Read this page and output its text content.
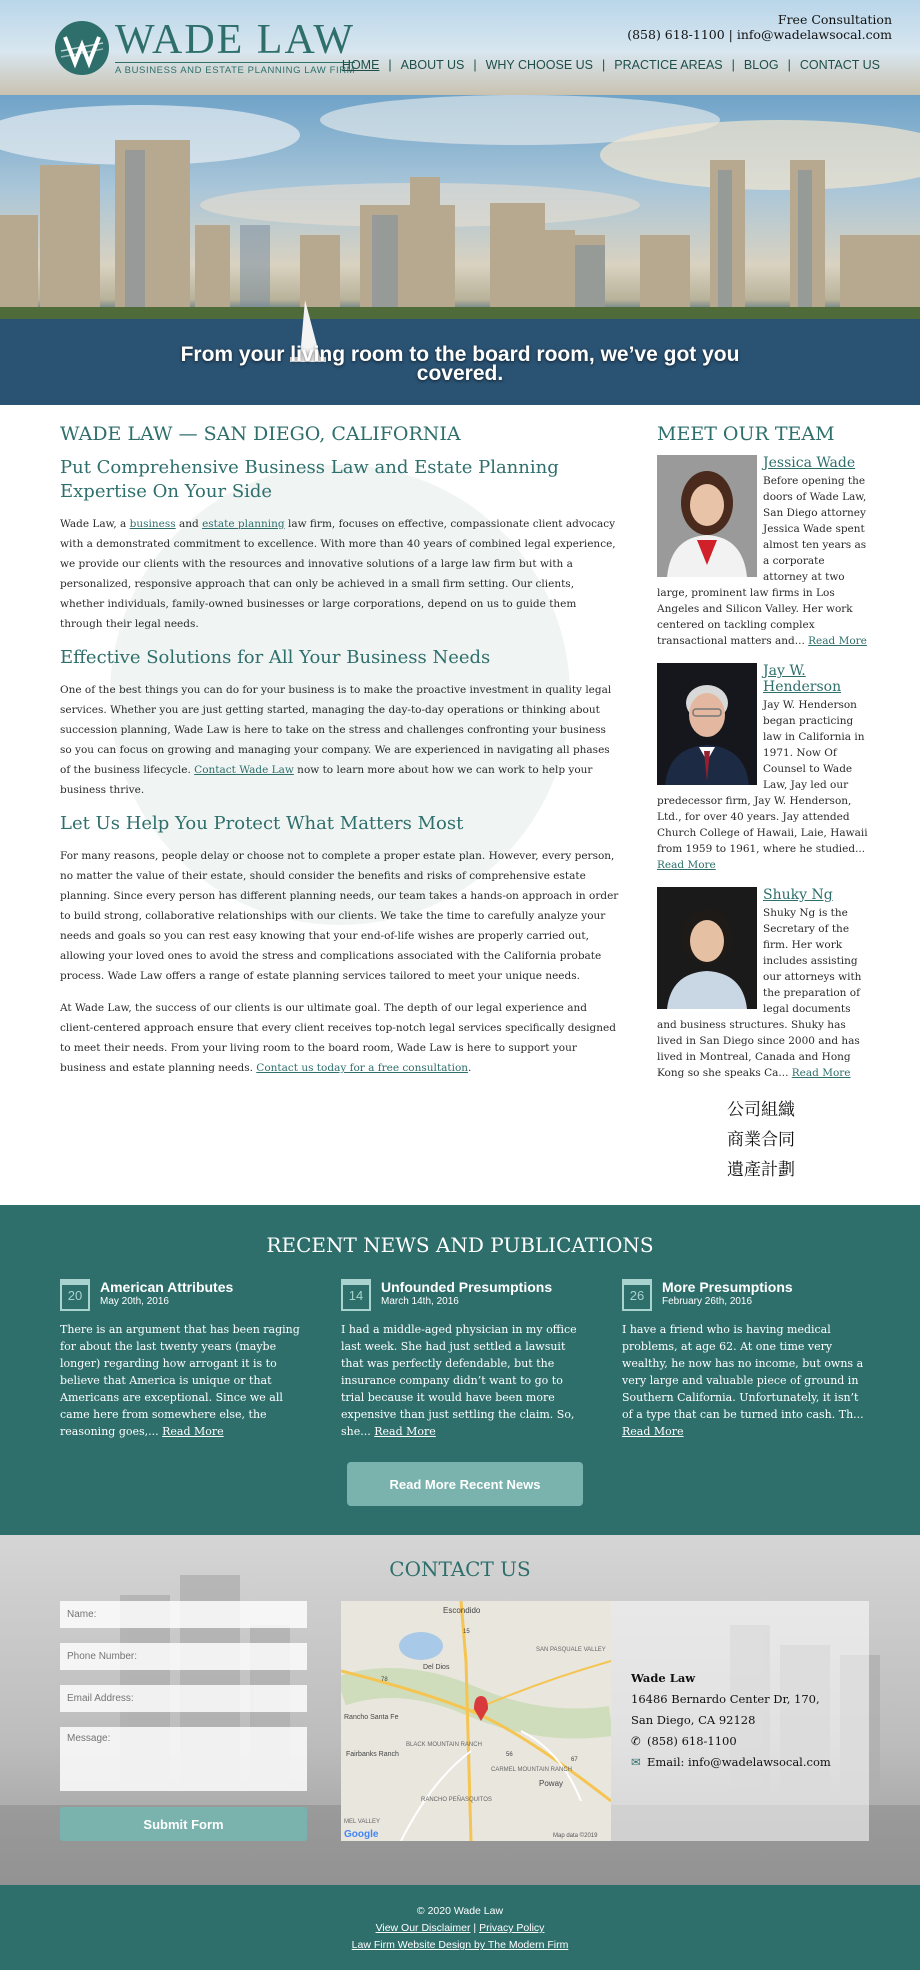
WADE LAW
A BUSINESS AND ESTATE PLANNING LAW FIRM
Free Consultation
(858) 618-1100 | info@wadelawsocal.com
HOME | ABOUT US | WHY CHOOSE US | PRACTICE AREAS | BLOG | CONTACT US
From your living room to the board room, we’ve got you covered.
WADE LAW — SAN DIEGO, CALIFORNIA
Put Comprehensive Business Law and Estate Planning Expertise On Your Side

Wade Law, a business and estate planning law firm, focuses on effective, compassionate client advocacy with a demonstrated commitment to excellence. With more than 40 years of combined legal experience, we provide our clients with the resources and innovative solutions of a large law firm but with a personalized, responsive approach that can only be achieved in a small firm setting. Our clients, whether individuals, family-owned businesses or large corporations, depend on us to guide them through their legal needs.

Effective Solutions for All Your Business Needs

One of the best things you can do for your business is to make the proactive investment in quality legal services. Whether you are just getting started, managing the day-to-day operations or thinking about succession planning, Wade Law is here to take on the stress and challenges confronting your business so you can focus on growing and managing your company. We are experienced in navigating all phases of the business lifecycle. Contact Wade Law now to learn more about how we can work to help your business thrive.

Let Us Help You Protect What Matters Most

For many reasons, people delay or choose not to complete a proper estate plan. However, every person, no matter the value of their estate, should consider the benefits and risks of comprehensive estate planning. Since every person has different planning needs, our team takes a hands-on approach in order to build strong, collaborative relationships with our clients. We take the time to carefully analyze your needs and goals so you can rest easy knowing that your end-of-life wishes are properly carried out, allowing your loved ones to avoid the stress and complications associated with the California probate process. Wade Law offers a range of estate planning services tailored to meet your unique needs.

At Wade Law, the success of our clients is our ultimate goal. The depth of our legal experience and client-centered approach ensure that every client receives top-notch legal services specifically designed to meet their needs. From your living room to the board room, Wade Law is here to support your business and estate planning needs. Contact us today for a free consultation.

MEET OUR TEAM
Jessica Wade
Before opening the doors of Wade Law, San Diego attorney Jessica Wade spent almost ten years as a corporate attorney at two large, prominent law firms in Los Angeles and Silicon Valley. Her work centered on tackling complex transactional matters and... Read More
Jay W. Henderson
Jay W. Henderson began practicing law in California in 1971. Now Of Counsel to Wade Law, Jay led our predecessor firm, Jay W. Henderson, Ltd., for over 40 years. Jay attended Church College of Hawaii, Laie, Hawaii from 1959 to 1961, where he studied... Read More
Shuky Ng
Shuky Ng is the Secretary of the firm. Her work includes assisting our attorneys with the preparation of legal documents and business structures. Shuky has lived in San Diego since 2000 and has lived in Montreal, Canada and Hong Kong so she speaks Ca... Read More
公司組織
商業合同
遺產計劃
RECENT NEWS AND PUBLICATIONS
20
American Attributes
May 20th, 2016
There is an argument that has been raging for about the last twenty years (maybe longer) regarding how arrogant it is to believe that America is unique or that Americans are exceptional. Since we all came here from somewhere else, the reasoning goes,... Read More
14
Unfounded Presumptions
March 14th, 2016
I had a middle-aged physician in my office last week. She had just settled a lawsuit that was perfectly defendable, but the insurance company didn’t want to go to trial because it would have been more expensive than just settling the claim. So, she... Read More
26
More Presumptions
February 26th, 2016
I have a friend who is having medical problems, at age 62. At one time very wealthy, he now has no income, but owns a very large and valuable piece of ground in Southern California. Unfortunately, it isn’t of a type that can be turned into cash. Th... Read More
Read More Recent News
CONTACT US
Name:
Phone Number:
Email Address:
Message:
Submit Form
Escondido
Del Dios
SAN PASQUALE VALLEY
Rancho Santa Fe
Fairbanks Ranch
BLACK MOUNTAIN RANCH
CARMEL MOUNTAIN RANCH
Poway
RANCHO PEÑASQUITOS
MEL VALLEY
Google	Map data ©2019
15
56
67
78	Wade Law
16486 Bernardo Center Dr, 170,
San Diego, CA 92128
✆ (858) 618-1100
✉ Email: info@wadelawsocal.com
© 2020 Wade Law
View Our Disclaimer | Privacy Policy
Law Firm Website Design by The Modern Firm
